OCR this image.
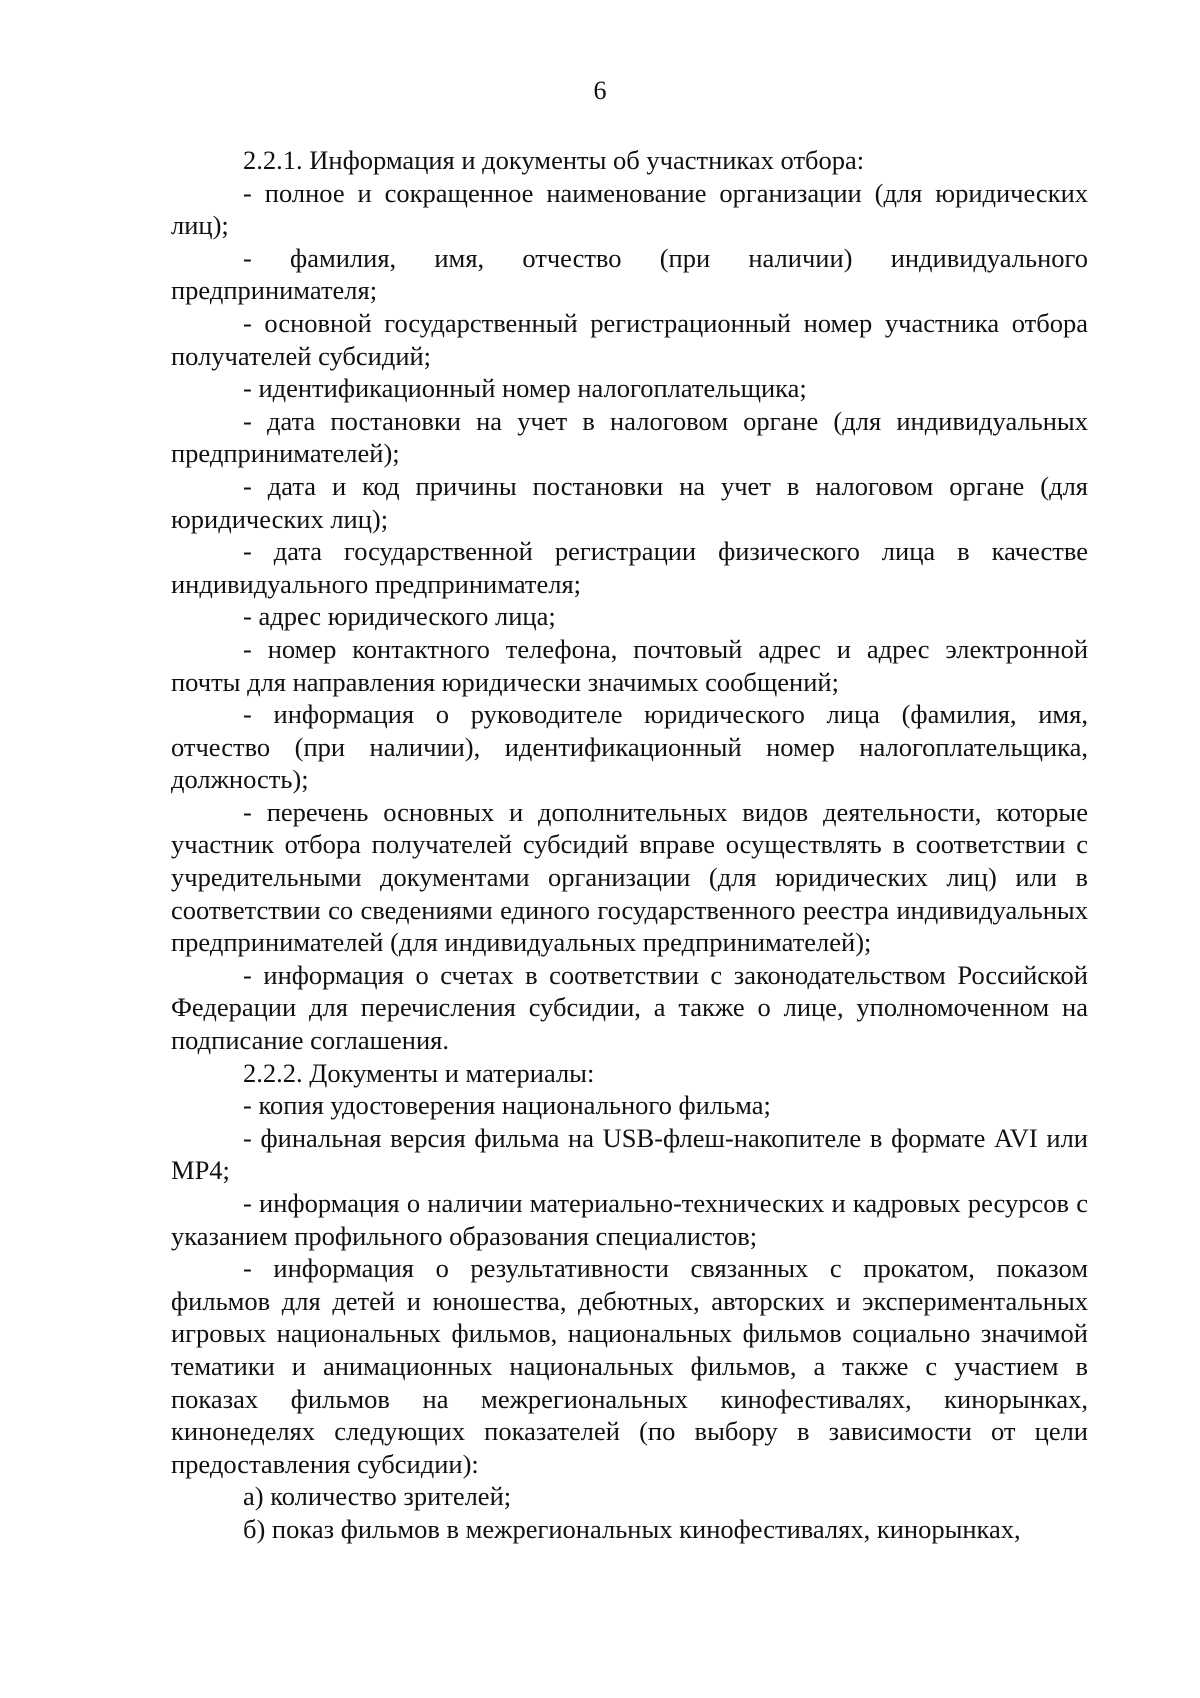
6

2.2.1. Информация и документы об участниках отбора:

- полное и сокращенное наименование организации (для юридических лиц);

- фамилия, имя, отчество (при наличии) индивидуального предпринимателя;

- основной государственный регистрационный номер участника отбора получателей субсидий;

- идентификационный номер налогоплательщика;

- дата постановки на учет в налоговом органе (для индивидуальных предпринимателей);

- дата и код причины постановки на учет в налоговом органе (для юридических лиц);

- дата государственной регистрации физического лица в качестве индивидуального предпринимателя;

- адрес юридического лица;

- номер контактного телефона, почтовый адрес и адрес электронной почты для направления юридически значимых сообщений;

- информация о руководителе юридического лица (фамилия, имя, отчество (при наличии), идентификационный номер налогоплательщика, должность);

- перечень основных и дополнительных видов деятельности, которые участник отбора получателей субсидий вправе осуществлять в соответствии с учредительными документами организации (для юридических лиц) или в соответствии со сведениями единого государственного реестра индивидуальных предпринимателей (для индивидуальных предпринимателей);

- информация о счетах в соответствии с законодательством Российской Федерации для перечисления субсидии, а также о лице, уполномоченном на подписание соглашения.

2.2.2. Документы и материалы:

- копия удостоверения национального фильма;

- финальная версия фильма на USB-флеш-накопителе в формате AVI или MP4;

- информация о наличии материально-технических и кадровых ресурсов с указанием профильного образования специалистов;

- информация о результативности связанных с прокатом, показом фильмов для детей и юношества, дебютных, авторских и экспериментальных игровых национальных фильмов, национальных фильмов социально значимой тематики и анимационных национальных фильмов, а также с участием в показах фильмов на межрегиональных кинофестивалях, кинорынках, кинонеделях следующих показателей (по выбору в зависимости от цели предоставления субсидии):

а) количество зрителей;

б) показ фильмов в межрегиональных кинофестивалях, кинорынках,
